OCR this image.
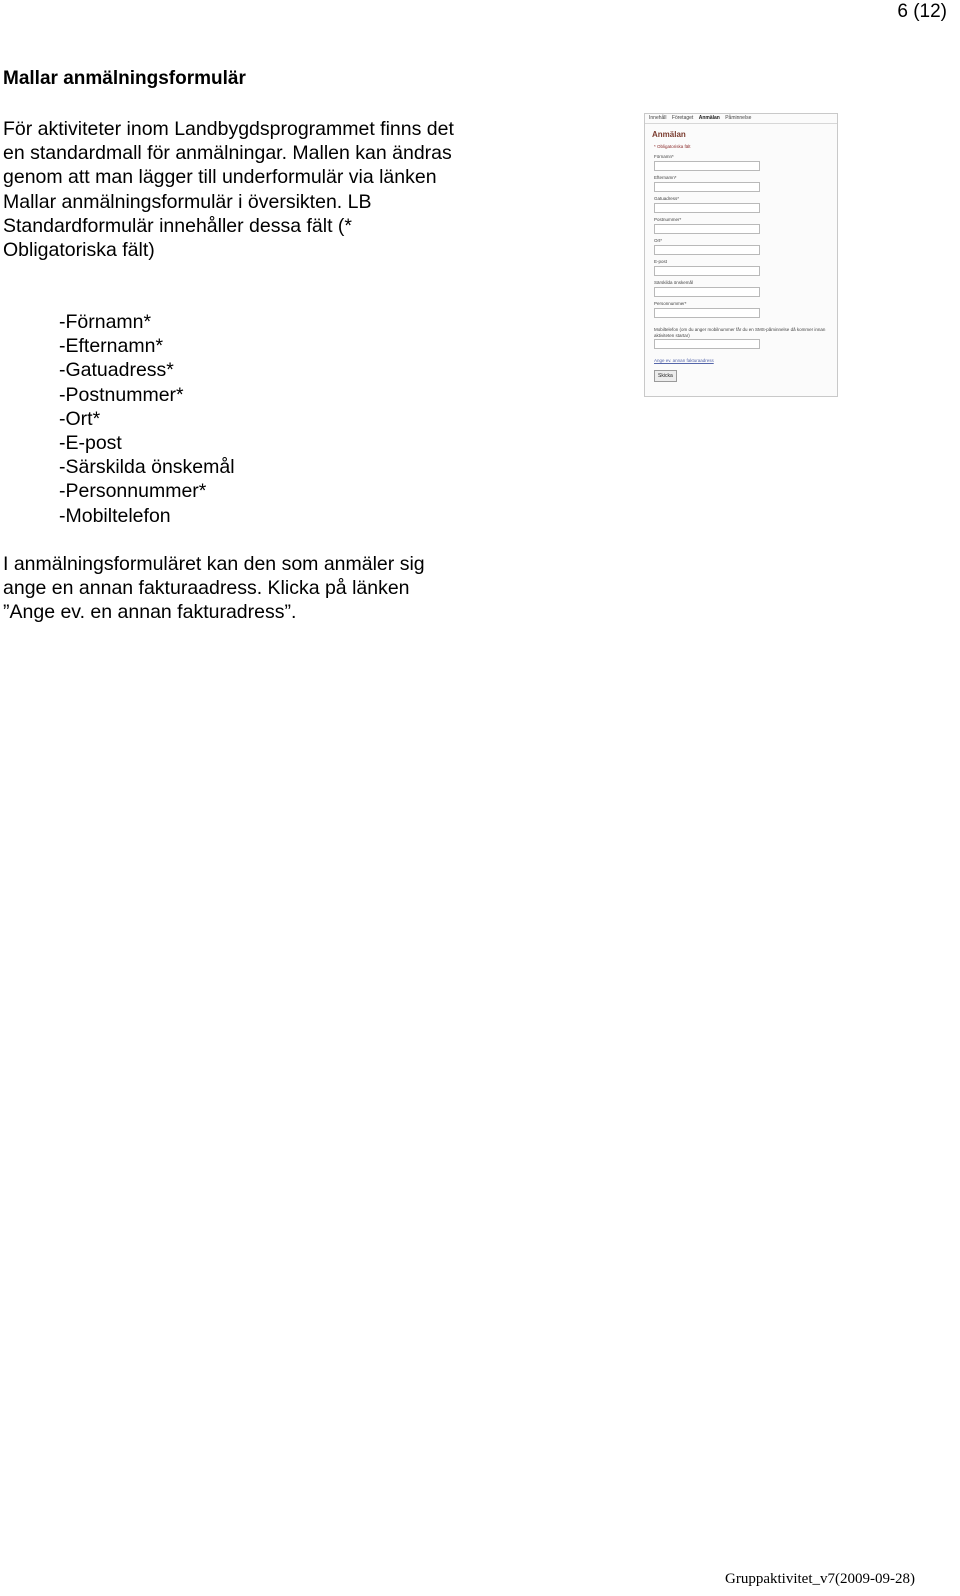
6 (12)
Mallar anmälningsformulär
För aktiviteter inom Landbygdsprogrammet finns det
en standardmall för anmälningar. Mallen kan ändras
genom att man lägger till underformulär via länken
Mallar anmälningsformulär i översikten. LB
Standardformulär innehåller dessa fält (*
Obligatoriska fält)
-Förnamn*
-Efternamn*
-Gatuadress*
-Postnummer*
-Ort*
-E-post
-Särskilda önskemål
-Personnummer*
-Mobiltelefon
I anmälningsformuläret kan den som anmäler sig
ange en annan fakturaadress. Klicka på länken
”Ange ev. en annan fakturadress”.
Innehåll Företaget Anmälan Påminnelse
Anmälan
* Obligatoriska fält
Förnamn*
Efternamn*
Gatuadress*
Postnummer*
Ort*
E-post
Särskilda önskemål
Personnummer*
Mobiltelefon (om du anger mobilnummer får du en SMS-påminnelse då kommer innan aktiviteten startar)
Ange ev. annan fakturaadress
Skicka
Gruppaktivitet_v7(2009-09-28)
